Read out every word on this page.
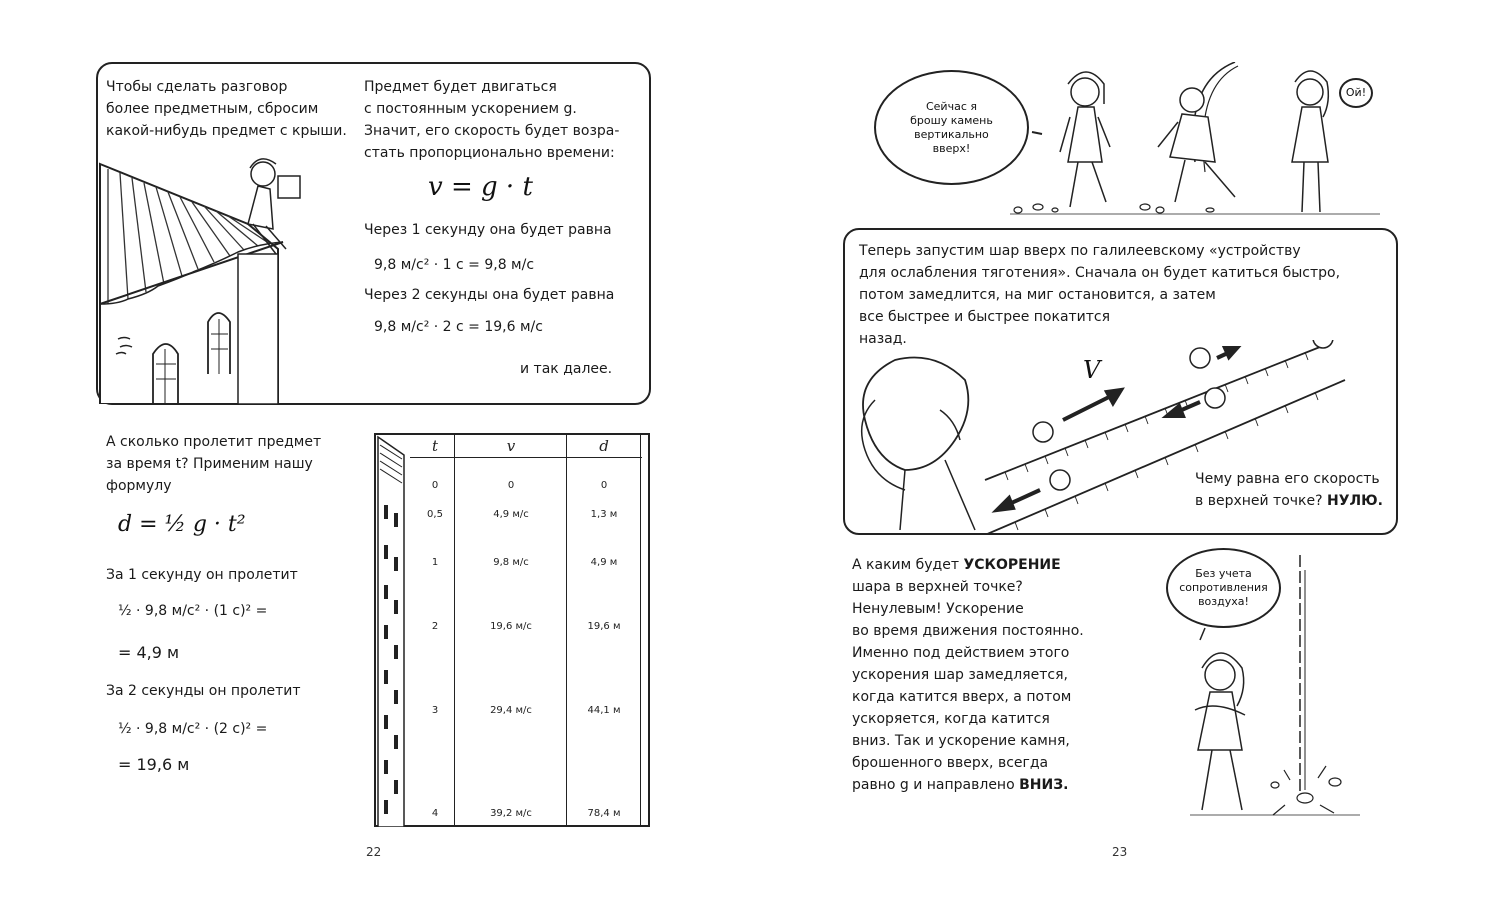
Чтобы сделать разговор
более предметным, сбросим
какой-нибудь предмет с крыши.
Предмет будет двигаться
с постоянным ускорением g.
Значит, его скорость будет возра-
стать пропорционально времени:
v = g · t
Через 1 секунду она будет равна
9,8 м/с² · 1 с = 9,8 м/с
Через 2 секунды она будет равна
9,8 м/с² · 2 с = 19,6 м/с
и так далее.
А сколько пролетит предмет
за время t? Применим нашу
формулу
d = ½ g · t²
За 1 секунду он пролетит
½ · 9,8 м/с² · (1 с)² =
= 4,9 м
За 2 секунды он пролетит
½ · 9,8 м/с² · (2 с)² =
= 19,6 м
t	v	d
0	0	0
0,5	4,9 м/с	1,3 м
1	9,8 м/с	4,9 м
2	19,6 м/с	19,6 м
3	29,4 м/с	44,1 м
4	39,2 м/с	78,4 м
22
Сейчас я
брошу камень
вертикально
вверх!
Ой!
Теперь запустим шар вверх по галилеевскому «устройству
для ослабления тяготения». Сначала он будет катиться быстро,
потом замедлится, на миг остановится, а затем
все быстрее и быстрее покатится
назад.
V
Чему равна его скорость
в верхней точке? НУЛЮ.
А каким будет УСКОРЕНИЕ
шара в верхней точке?
Ненулевым! Ускорение
во время движения постоянно.
Именно под действием этого
ускорения шар замедляется,
когда катится вверх, а потом
ускоряется, когда катится
вниз. Так и ускорение камня,
брошенного вверх, всегда
равно g и направлено ВНИЗ.
Без учета
сопротивления
воздуха!
23
